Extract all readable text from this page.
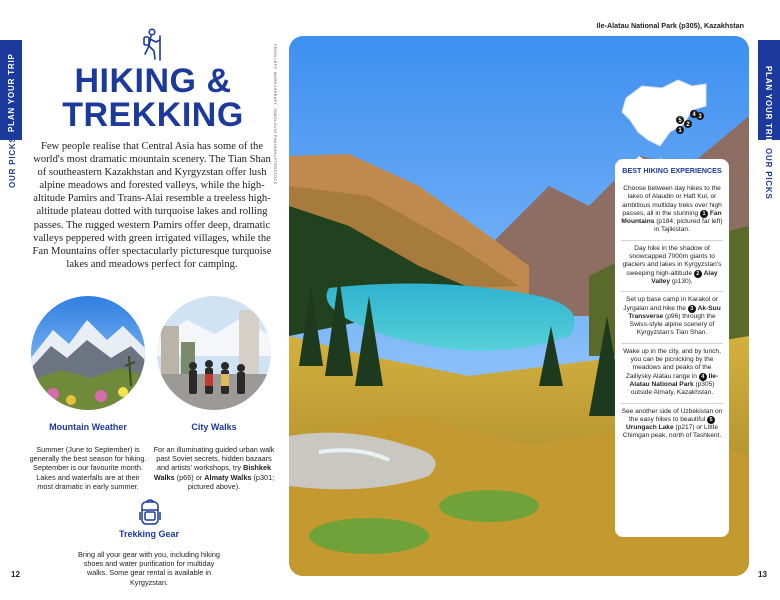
PLAN YOUR TRIP
OUR PICKS
PLAN YOUR TRIP
OUR PICKS
HIKING &
TREKKING

Few people realise that Central Asia has some of the world's most dramatic mountain scenery. The Tian Shan of southeastern Kazakhstan and Kyrgyzstan offer lush alpine meadows and forested valleys, while the high-altitude Pamirs and Trans-Alai resemble a treeless high-altitude plateau dotted with turquoise lakes and rolling passes. The rugged western Pamirs offer deep, dramatic valleys peppered with green irrigated villages, while the Fan Mountains offer spectacularly picturesque turquoise lakes and meadows perfect for camping.

Mountain Weather

Summer (June to September) is generally the best season for hiking. September is our favourite month. Lakes and waterfalls are at their most dramatic in early summer.

City Walks

For an illuminating guided urban walk past Soviet secrets, hidden bazaars and artists' workshops, try Bishkek Walks (p66) or Almaty Walks (p301; pictured above).

Trekking Gear

Bring all your gear with you, including hiking shoes and water purification for multiday walks. Some gear rental is available in Kyrgyzstan.

12
Ile-Alatau National Park (p305), Kazakhstan
FROM LEFT: MARKUSKRAFT, JSMOLOVIS.PHAN/SHUTTERSTOCK	1
2
3
4
5
BEST HIKING EXPERIENCES
Choose between day hikes to the lakes of Alaudin or Haft Kul, or ambitious multiday treks over high passes, all in the stunning 1 Fan Mountains (p184; pictured far left) in Tajikistan.
Day hike in the shadow of snowcapped 7000m giants to glaciers and lakes in Kyrgyzstan's sweeping high-altitude 2 Alay Valley (p130).
Set up base camp in Karakol or Jyrgalan and hike the 3 Ak-Suu Transverse (p96) through the Swiss-style alpine scenery of Kyrgyzstan's Tian Shan.
Wake up in the city, and by lunch, you can be picnicking by the meadows and peaks of the Zailiysky Alatau range in 4 Ile-Alatau National Park (p305) outside Almaty, Kazakhstan.
See another side of Uzbekistan on the easy hikes to beautiful 5 Urungach Lake (p217) or Little Chimgan peak, north of Tashkent.
13
